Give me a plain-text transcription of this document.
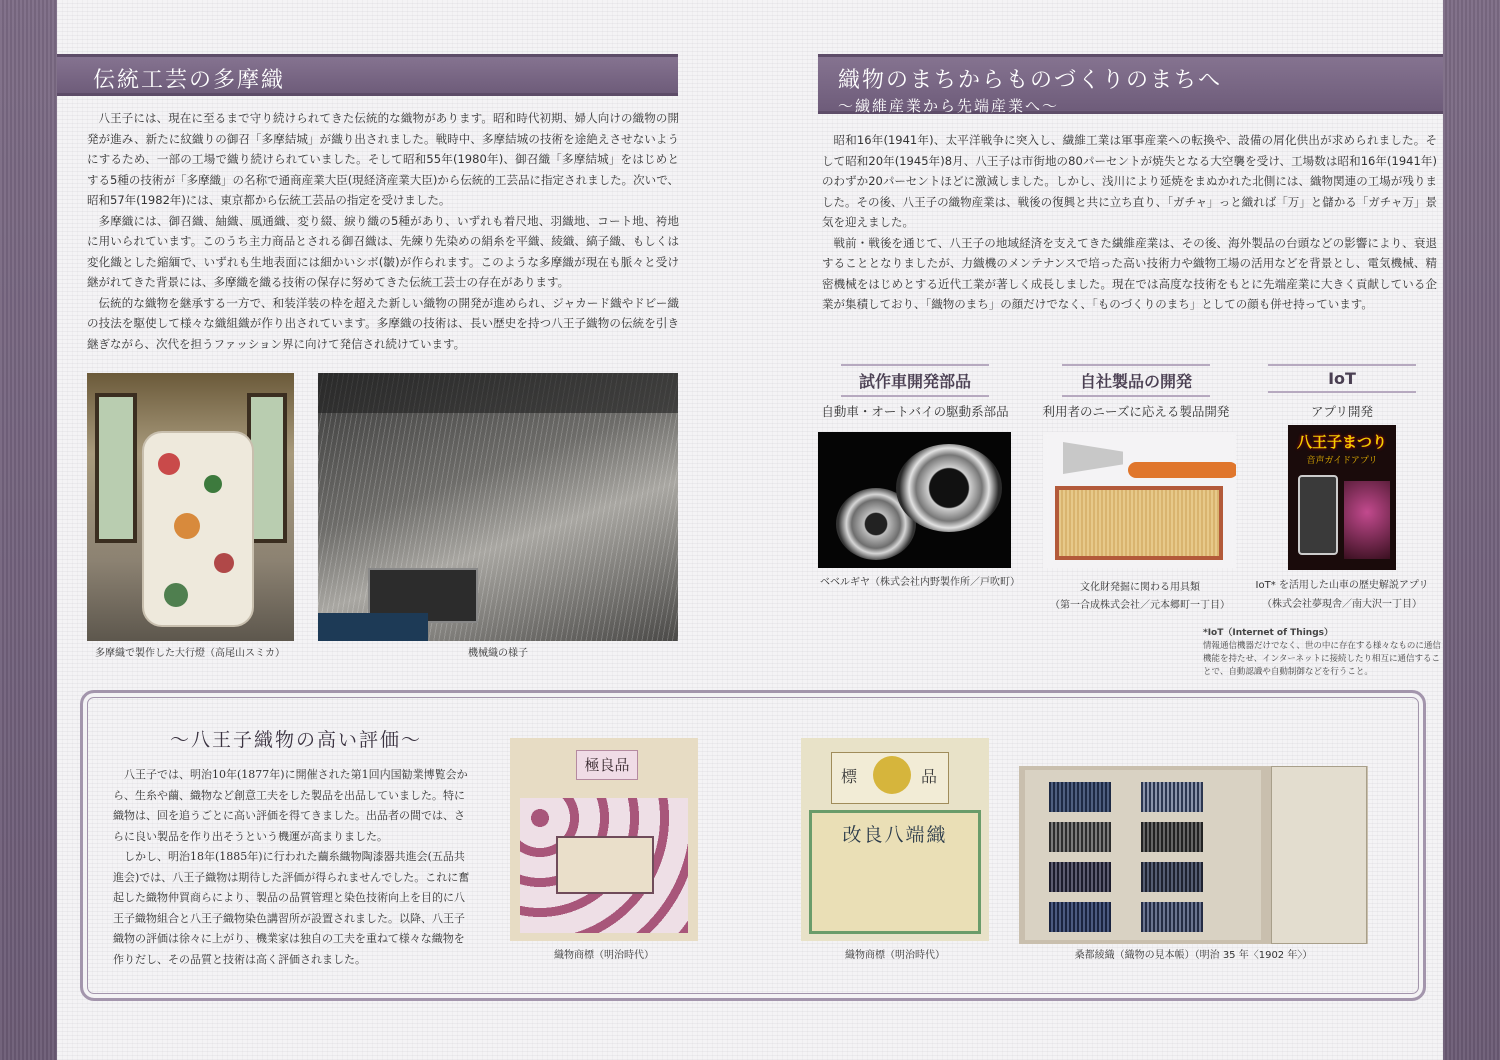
伝統工芸の多摩織

八王子には、現在に至るまで守り続けられてきた伝統的な織物があります。昭和時代初期、婦人向けの織物の開発が進み、新たに紋織りの御召「多摩結城」が織り出されました。戦時中、多摩結城の技術を途絶えさせないようにするため、一部の工場で織り続けられていました。そして昭和55年(1980年)、御召織「多摩結城」をはじめとする5種の技術が「多摩織」の名称で通商産業大臣(現経済産業大臣)から伝統的工芸品に指定されました。次いで、昭和57年(1982年)には、東京都から伝統工芸品の指定を受けました。

多摩織には、御召織、紬織、風通織、変り綴、綟り織の5種があり、いずれも着尺地、羽織地、コート地、袴地に用いられています。このうち主力商品とされる御召織は、先練り先染めの絹糸を平織、綾織、縞子織、もしくは変化織とした縮緬で、いずれも生地表面には細かいシボ(皺)が作られます。このような多摩織が現在も脈々と受け継がれてきた背景には、多摩織を織る技術の保存に努めてきた伝統工芸士の存在があります。

伝統的な織物を継承する一方で、和装洋装の枠を超えた新しい織物の開発が進められ、ジャカード織やドビー織の技法を駆使して様々な織組織が作り出されています。多摩織の技術は、長い歴史を持つ八王子織物の伝統を引き継ぎながら、次代を担うファッション界に向けて発信され続けています。

多摩織で製作した大行燈（高尾山スミカ）	機械織の様子
織物のまちからものづくりのまちへ
～繊維産業から先端産業へ～

昭和16年(1941年)、太平洋戦争に突入し、繊維工業は軍事産業への転換や、設備の屑化供出が求められました。そして昭和20年(1945年)8月、八王子は市街地の80パーセントが焼失となる大空襲を受け、工場数は昭和16年(1941年)のわずか20パーセントほどに激減しました。しかし、浅川により延焼をまぬかれた北側には、織物関連の工場が残りました。その後、八王子の織物産業は、戦後の復興と共に立ち直り、「ガチャ」っと織れば「万」と儲かる「ガチャ万」景気を迎えました。

戦前・戦後を通じて、八王子の地域経済を支えてきた繊維産業は、その後、海外製品の台頭などの影響により、衰退することとなりましたが、力織機のメンテナンスで培った高い技術力や織物工場の活用などを背景とし、電気機械、精密機械をはじめとする近代工業が著しく成長しました。現在では高度な技術をもとに先端産業に大きく貢献している企業が集積しており、「織物のまち」の顔だけでなく、「ものづくりのまち」としての顔も併せ持っています。

試作車開発部品
自動車・オートバイの駆動系部品
自社製品の開発
利用者のニーズに応える製品開発
IoT
アプリ開発
ベベルギヤ（株式会社内野製作所／戸吹町）	文化財発掘に関わる用具類
（第一合成株式会社／元本郷町一丁目）
八王子まつり
音声ガイドアプリ
IoT* を活用した山車の歴史解説アプリ
（株式会社夢現舎／南大沢一丁目）
*IoT（Internet of Things）
情報通信機器だけでなく、世の中に存在する様々なものに通信機能を持たせ、インターネットに接続したり相互に通信することで、自動認識や自動制御などを行うこと。
～八王子織物の高い評価～

八王子では、明治10年(1877年)に開催された第1回内国勧業博覧会から、生糸や繭、織物など創意工夫をした製品を出品していました。特に織物は、回を追うごとに高い評価を得てきました。出品者の間では、さらに良い製品を作り出そうという機運が高まりました。

しかし、明治18年(1885年)に行われた繭糸織物陶漆器共進会(五品共進会)では、八王子織物は期待した評価が得られませんでした。これに奮起した織物仲買商らにより、製品の品質管理と染色技術向上を目的に八王子織物組合と八王子織物染色講習所が設置されました。以降、八王子織物の評価は徐々に上がり、機業家は独自の工夫を重ねて様々な織物を作りだし、その品質と技術は高く評価されました。

極良品
織物商標（明治時代）
標	品
改良八端織
織物商標（明治時代）	桑都綾織（織物の見本帳）（明治 35 年〈1902 年〉）
